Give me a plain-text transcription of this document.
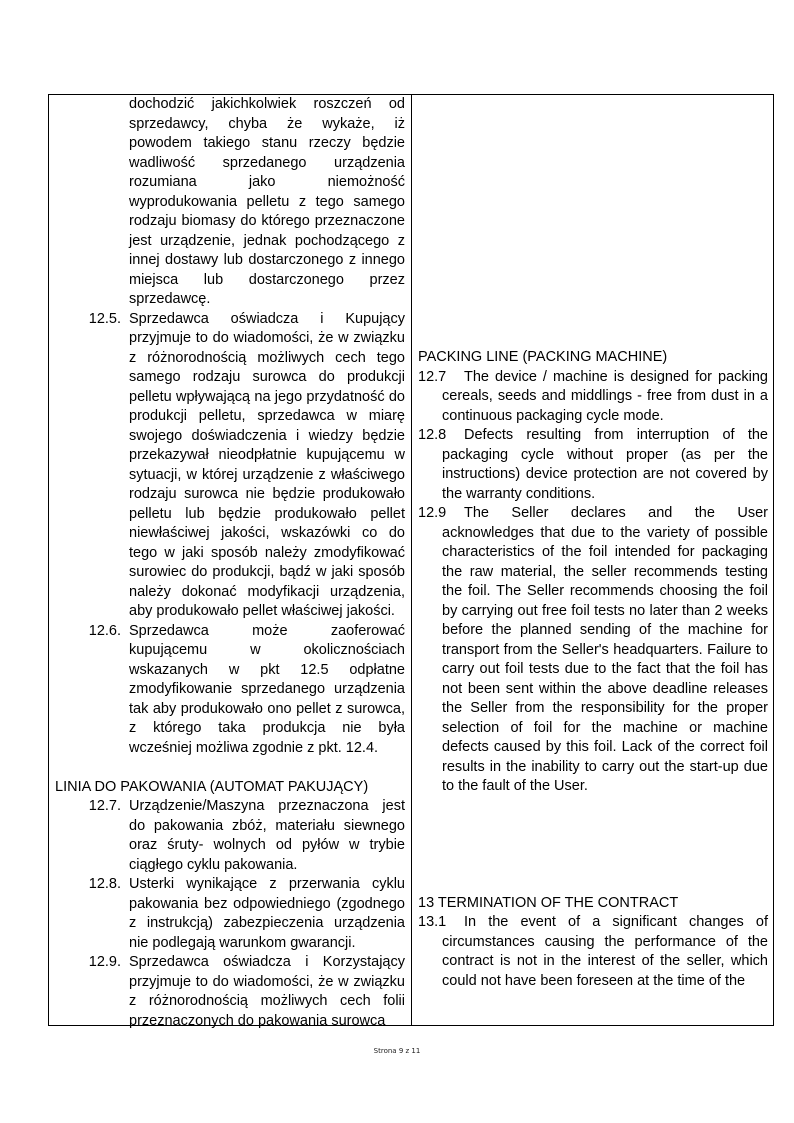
dochodzić jakichkolwiek roszczeń od sprzedawcy, chyba że wykaże, iż powodem takiego stanu rzeczy będzie wadliwość sprzedanego urządzenia rozumiana jako niemożność wyprodukowania pelletu z tego samego rodzaju biomasy do którego przeznaczone jest urządzenie, jednak pochodzącego z innej dostawy lub dostarczonego z innego miejsca lub dostarczonego przez sprzedawcę.
12.5. Sprzedawca oświadcza i Kupujący przyjmuje to do wiadomości, że w związku z różnorodnością możliwych cech tego samego rodzaju surowca do produkcji pelletu wpływającą na jego przydatność do produkcji pelletu, sprzedawca w miarę swojego doświadczenia i wiedzy będzie przekazywał nieodpłatnie kupującemu w sytuacji, w której urządzenie z właściwego rodzaju surowca nie będzie produkowało pelletu lub będzie produkowało pellet niewłaściwej jakości, wskazówki co do tego w jaki sposób należy zmodyfikować surowiec do produkcji, bądź w jaki sposób należy dokonać modyfikacji urządzenia, aby produkowało pellet właściwej jakości.
12.6. Sprzedawca może zaoferować kupującemu w okolicznościach wskazanych w pkt 12.5 odpłatne zmodyfikowanie sprzedanego urządzenia tak aby produkowało ono pellet z surowca, z którego taka produkcja nie była wcześniej możliwa zgodnie z pkt. 12.4.
LINIA DO PAKOWANIA (AUTOMAT PAKUJĄCY)
12.7. Urządzenie/Maszyna przeznaczona jest do pakowania zbóż, materiału siewnego oraz śruty- wolnych od pyłów w trybie ciągłego cyklu pakowania.
12.8. Usterki wynikające z przerwania cyklu pakowania bez odpowiedniego (zgodnego z instrukcją) zabezpieczenia urządzenia nie podlegają warunkom gwarancji.
12.9. Sprzedawca oświadcza i Korzystający przyjmuje to do wiadomości, że w związku z różnorodnością możliwych cech folii przeznaczonych do pakowania surowca
PACKING LINE (PACKING MACHINE)
12.7	The device / machine is designed for packing cereals, seeds and middlings - free from dust in a continuous packaging cycle mode.
12.8	Defects resulting from interruption of the packaging cycle without proper (as per the instructions) device protection are not covered by the warranty conditions.
12.9	The Seller declares and the User acknowledges that due to the variety of possible characteristics of the foil intended for packaging the raw material, the seller recommends testing the foil. The Seller recommends choosing the foil by carrying out free foil tests no later than 2 weeks before the planned sending of the machine for transport from the Seller's headquarters. Failure to carry out foil tests due to the fact that the foil has not been sent within the above deadline releases the Seller from the responsibility for the proper selection of foil for the machine or machine defects caused by this foil. Lack of the correct foil results in the inability to carry out the start-up due to the fault of the User.
13 TERMINATION OF THE CONTRACT
13.1	In the event of a significant changes of circumstances causing the performance of the contract is not in the interest of the seller, which could not have been foreseen at the time of the
Strona 9 z 11
